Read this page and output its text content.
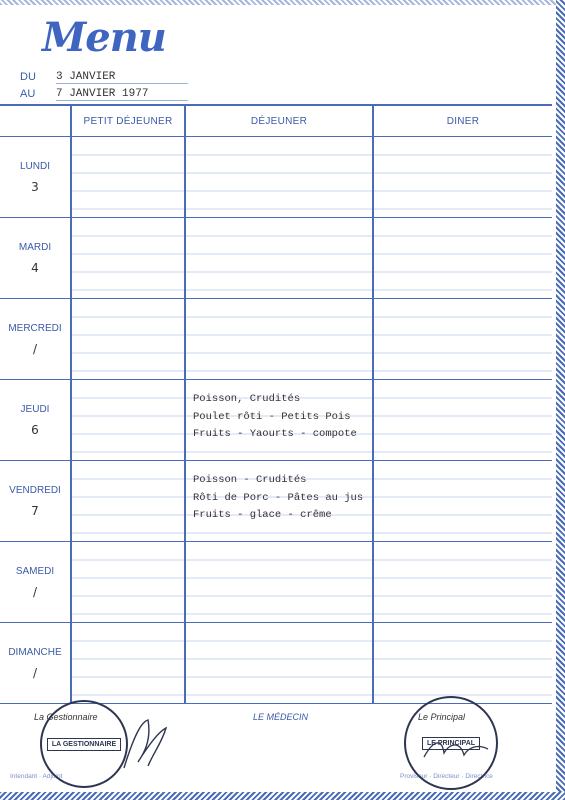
Menu
DU 3 JANVIER
AU 7 JANVIER 1977
	PETIT DÉJEUNER	DÉJEUNER	DINER
LUNDI
3			

MARDI
4			

MERCREDI
/			

JEUDI
6		Poisson, Crudités
Poulet rôti - Petits Pois
Fruits - Yaourts - compote	

VENDREDI
7		Poisson - Crudités
Rôti de Porc - Pâtes au jus
Fruits - glace - crême	

SAMEDI
/			

DIMANCHE
/			

La Gestionnaire	LE MÉDECIN	Le Principal
Intendant · Adjoint	Proviseur · Directeur · Directrice
LA GESTIONNAIRE	LE PRINCIPAL
